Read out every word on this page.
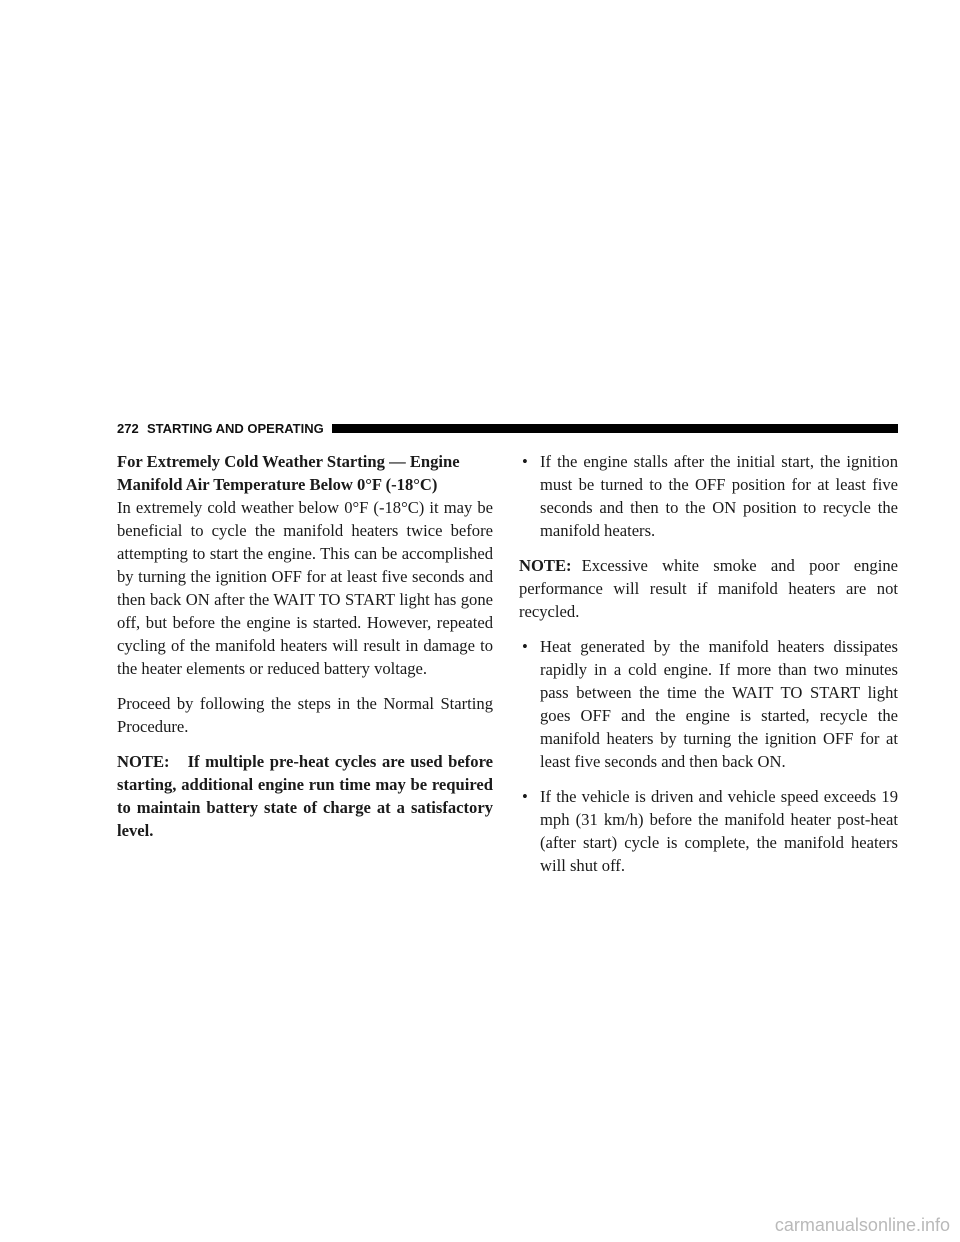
272 STARTING AND OPERATING

For Extremely Cold Weather Starting — Engine

Manifold Air Temperature Below 0°F (-18°C)

In extremely cold weather below 0°F (-18°C) it may be beneficial to cycle the manifold heaters twice before attempting to start the engine. This can be accomplished by turning the ignition OFF for at least five seconds and then back ON after the WAIT TO START light has gone off, but before the engine is started. However, repeated cycling of the manifold heaters will result in damage to the heater elements or reduced battery voltage.

Proceed by following the steps in the Normal Starting Procedure.

NOTE: If multiple pre-heat cycles are used before starting, additional engine run time may be required to maintain battery state of charge at a satisfactory level.

• If the engine stalls after the initial start, the ignition must be turned to the OFF position for at least five seconds and then to the ON position to recycle the manifold heaters.

NOTE: Excessive white smoke and poor engine performance will result if manifold heaters are not recycled.

• Heat generated by the manifold heaters dissipates rapidly in a cold engine. If more than two minutes pass between the time the WAIT TO START light goes OFF and the engine is started, recycle the manifold heaters by turning the ignition OFF for at least five seconds and then back ON.
• If the vehicle is driven and vehicle speed exceeds 19 mph (31 km/h) before the manifold heater post-heat (after start) cycle is complete, the manifold heaters will shut off.
carmanualsonline.info
